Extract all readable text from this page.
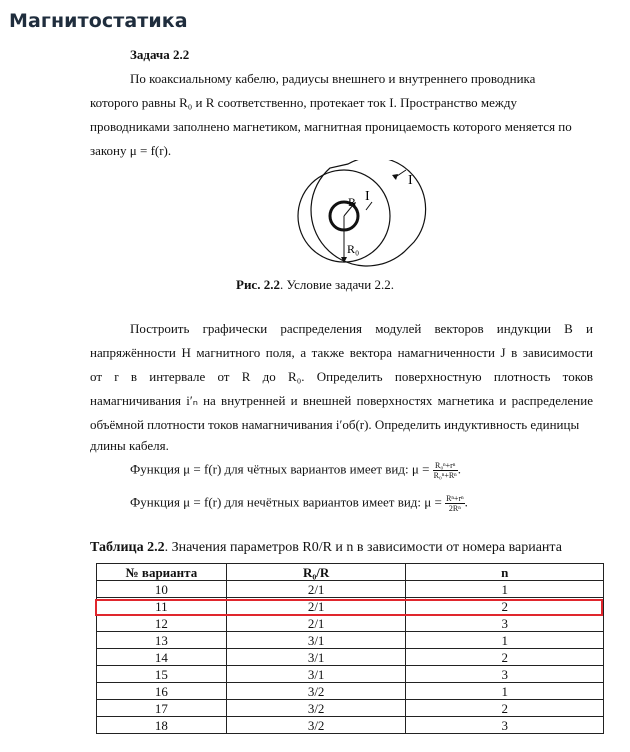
Магнитостатика
Задача 2.2
По коаксиальному кабелю, радиусы внешнего и внутреннего проводника
которого равны R₀ и R соответственно, протекает ток I. Пространство между
проводниками заполнено магнетиком, магнитная проницаемость которого меняется по
закону μ = f(r).
I
I
R
R₀
Рис. 2.2. Условие задачи 2.2.
Построить графически распределения модулей векторов индукции B и
напряжённости H магнитного поля, а также вектора намагниченности J в зависимости
от r в интервале от R до R₀. Определить поверхностную плотность токов
намагничивания i′ₙ на внутренней и внешней поверхностях магнетика и распределение
объёмной плотности токов намагничивания i′об(r). Определить индуктивность единицы
длины кабеля.
Функция μ = f(r) для чётных вариантов имеет вид: $\mu = \frac{\text{R₀ⁿ+rⁿ}}{\text{R₀ⁿ+Rⁿ}}$ .
Функция μ = f(r) для нечётных вариантов имеет вид: $\mu = \frac{\text{Rⁿ+rⁿ}}{\text{2Rⁿ}}$ .
Таблица 2.2. Значения параметров R0/R и n в зависимости от номера варианта
№ варианта	R₀/R	n
10	2/1	1
11	2/1	2
12	2/1	3
13	3/1	1
14	3/1	2
15	3/1	3
16	3/2	1
17	3/2	2
18	3/2	3
